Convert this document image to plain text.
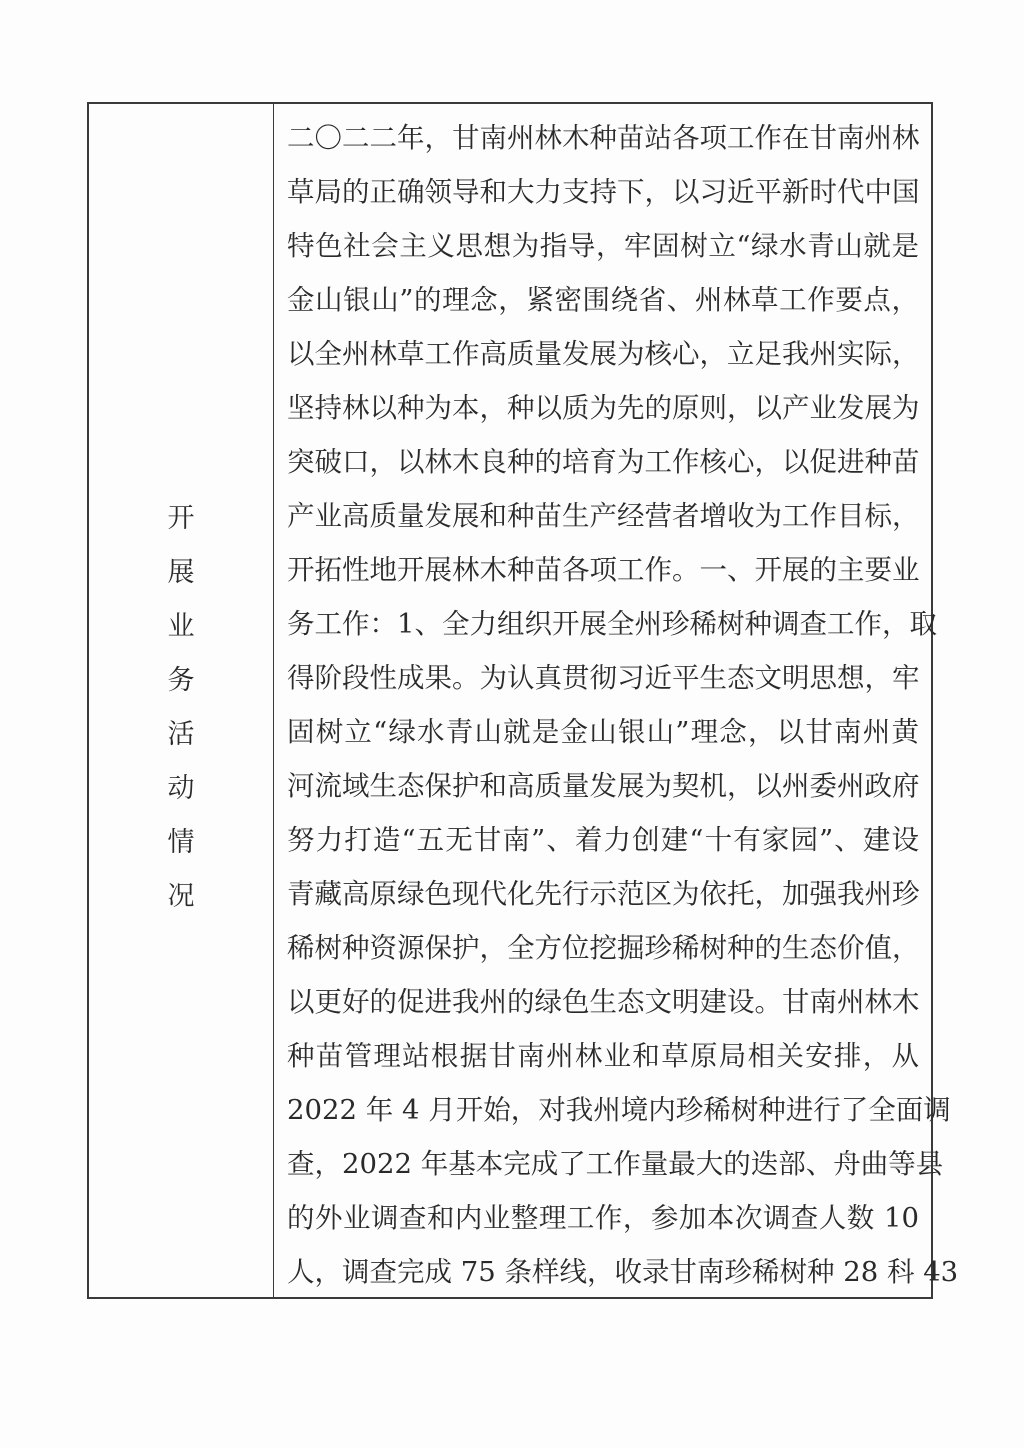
开
展
业
务
活
动
情
况
二〇二二年，甘南州林木种苗站各项工作在甘南州林
草局的正确领导和大力支持下，以习近平新时代中国
特色社会主义思想为指导，牢固树立“绿水青山就是
金山银山”的理念，紧密围绕省、州林草工作要点，
以全州林草工作高质量发展为核心，立足我州实际，
坚持林以种为本，种以质为先的原则，以产业发展为
突破口，以林木良种的培育为工作核心，以促进种苗
产业高质量发展和种苗生产经营者增收为工作目标，
开拓性地开展林木种苗各项工作。一、开展的主要业
务工作：1、全力组织开展全州珍稀树种调查工作，取
得阶段性成果。为认真贯彻习近平生态文明思想，牢
固树立“绿水青山就是金山银山”理念，以甘南州黄
河流域生态保护和高质量发展为契机，以州委州政府
努力打造“五无甘南”、着力创建“十有家园”、建设
青藏高原绿色现代化先行示范区为依托，加强我州珍
稀树种资源保护，全方位挖掘珍稀树种的生态价值，
以更好的促进我州的绿色生态文明建设。甘南州林木
种苗管理站根据甘南州林业和草原局相关安排，从
2022 年 4 月开始，对我州境内珍稀树种进行了全面调
查，2022 年基本完成了工作量最大的迭部、舟曲等县
的外业调查和内业整理工作，参加本次调查人数 10
人，调查完成 75 条样线，收录甘南珍稀树种 28 科 43
